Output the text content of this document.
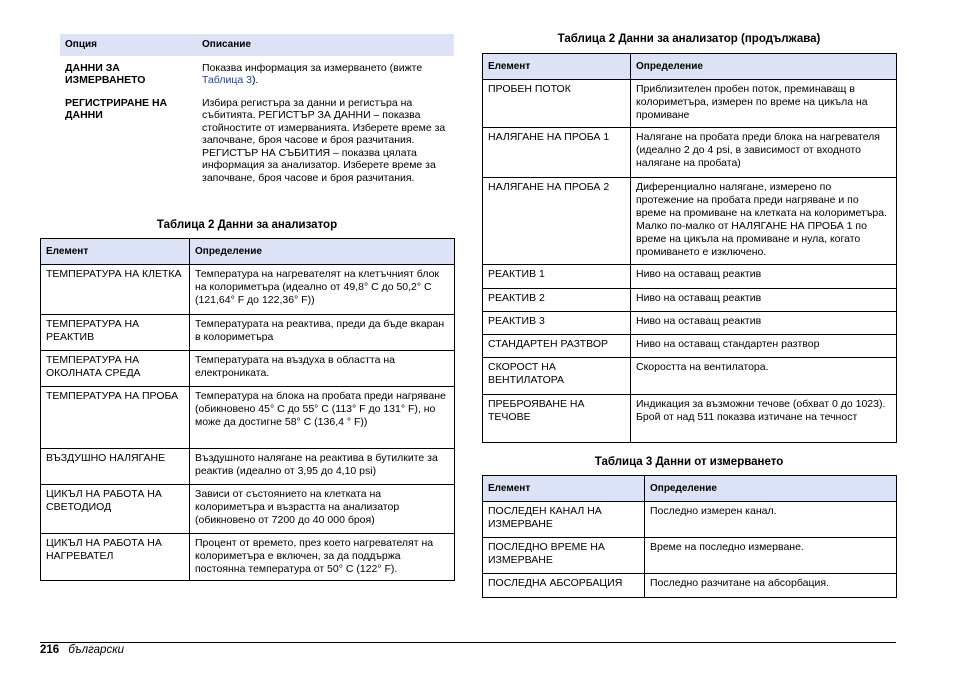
Опция	Описание
ДАННИ ЗА ИЗМЕРВАНЕТО	Показва информация за измерването (вижте Таблица 3).
РЕГИСТРИРАНЕ НА ДАННИ	Избира регистъра за данни и регистъра на събитията. РЕГИСТЪР ЗА ДАННИ – показва стойностите от измерванията. Изберете време за започване, броя часове и броя разчитания. РЕГИСТЪР НА СЪБИТИЯ – показва цялата информация за анализатор. Изберете време за започване, броя часове и броя разчитания.
Таблица 2 Данни за анализатор
Елемент	Определение
ТЕМПЕРАТУРА НА КЛЕТКА	Температура на нагревателят на клетъчният блок на колориметъра (идеално от 49,8° C до 50,2° C (121,64° F до 122,36° F))
ТЕМПЕРАТУРА НА РЕАКТИВ	Температурата на реактива, преди да бъде вкаран в колориметъра
ТЕМПЕРАТУРА НА ОКОЛНАТА СРЕДА	Температурата на въздуха в областта на електрониката.
ТЕМПЕРАТУРА НА ПРОБА	Температура на блока на пробата преди нагряване (обикновено 45° C до 55° C (113° F до 131° F), но може да достигне 58° C (136,4 ° F))
ВЪЗДУШНО НАЛЯГАНЕ	Въздушното налягане на реактива в бутилките за реактив (идеално от 3,95 до 4,10 psi)
ЦИКЪЛ НА РАБОТА НА СВЕТОДИОД	Зависи от състоянието на клетката на колориметъра и възрастта на анализатор (обикновено от 7200 до 40 000 броя)
ЦИКЪЛ НА РАБОТА НА НАГРЕВАТЕЛ	Процент от времето, през което нагревателят на колориметъра е включен, за да поддържа постоянна температура от 50° C (122° F).
Таблица 2 Данни за анализатор (продължава)
Елемент	Определение
ПРОБЕН ПОТОК	Приблизителен пробен поток, преминаващ в колориметъра, измерен по време на цикъла на промиване
НАЛЯГАНЕ НА ПРОБА 1	Налягане на пробата преди блока на нагревателя (идеално 2 до 4 psi, в зависимост от входното налягане на пробата)
НАЛЯГАНЕ НА ПРОБА 2	Диференциално налягане, измерено по протежение на пробата преди нагряване и по време на промиване на клетката на колориметъра. Малко по-малко от НАЛЯГАНЕ НА ПРОБА 1 по време на цикъла на промиване и нула, когато промиването е изключено.
РЕАКТИВ 1	Ниво на оставащ реактив
РЕАКТИВ 2	Ниво на оставащ реактив
РЕАКТИВ 3	Ниво на оставащ реактив
СТАНДАРТЕН РАЗТВОР	Ниво на оставащ стандартен разтвор
СКОРОСТ НА ВЕНТИЛАТОРА	Скоростта на вентилатора.
ПРЕБРОЯВАНЕ НА ТЕЧОВЕ	Индикация за възможни течове (обхват 0 до 1023). Брой от над 511 показва изтичане на течност
Таблица 3 Данни от измерването
Елемент	Определение
ПОСЛЕДЕН КАНАЛ НА ИЗМЕРВАНЕ	Последно измерен канал.
ПОСЛЕДНО ВРЕМЕ НА ИЗМЕРВАНЕ	Време на последно измерване.
ПОСЛЕДНА АБСОРБАЦИЯ	Последно разчитане на абсорбация.
216 български
